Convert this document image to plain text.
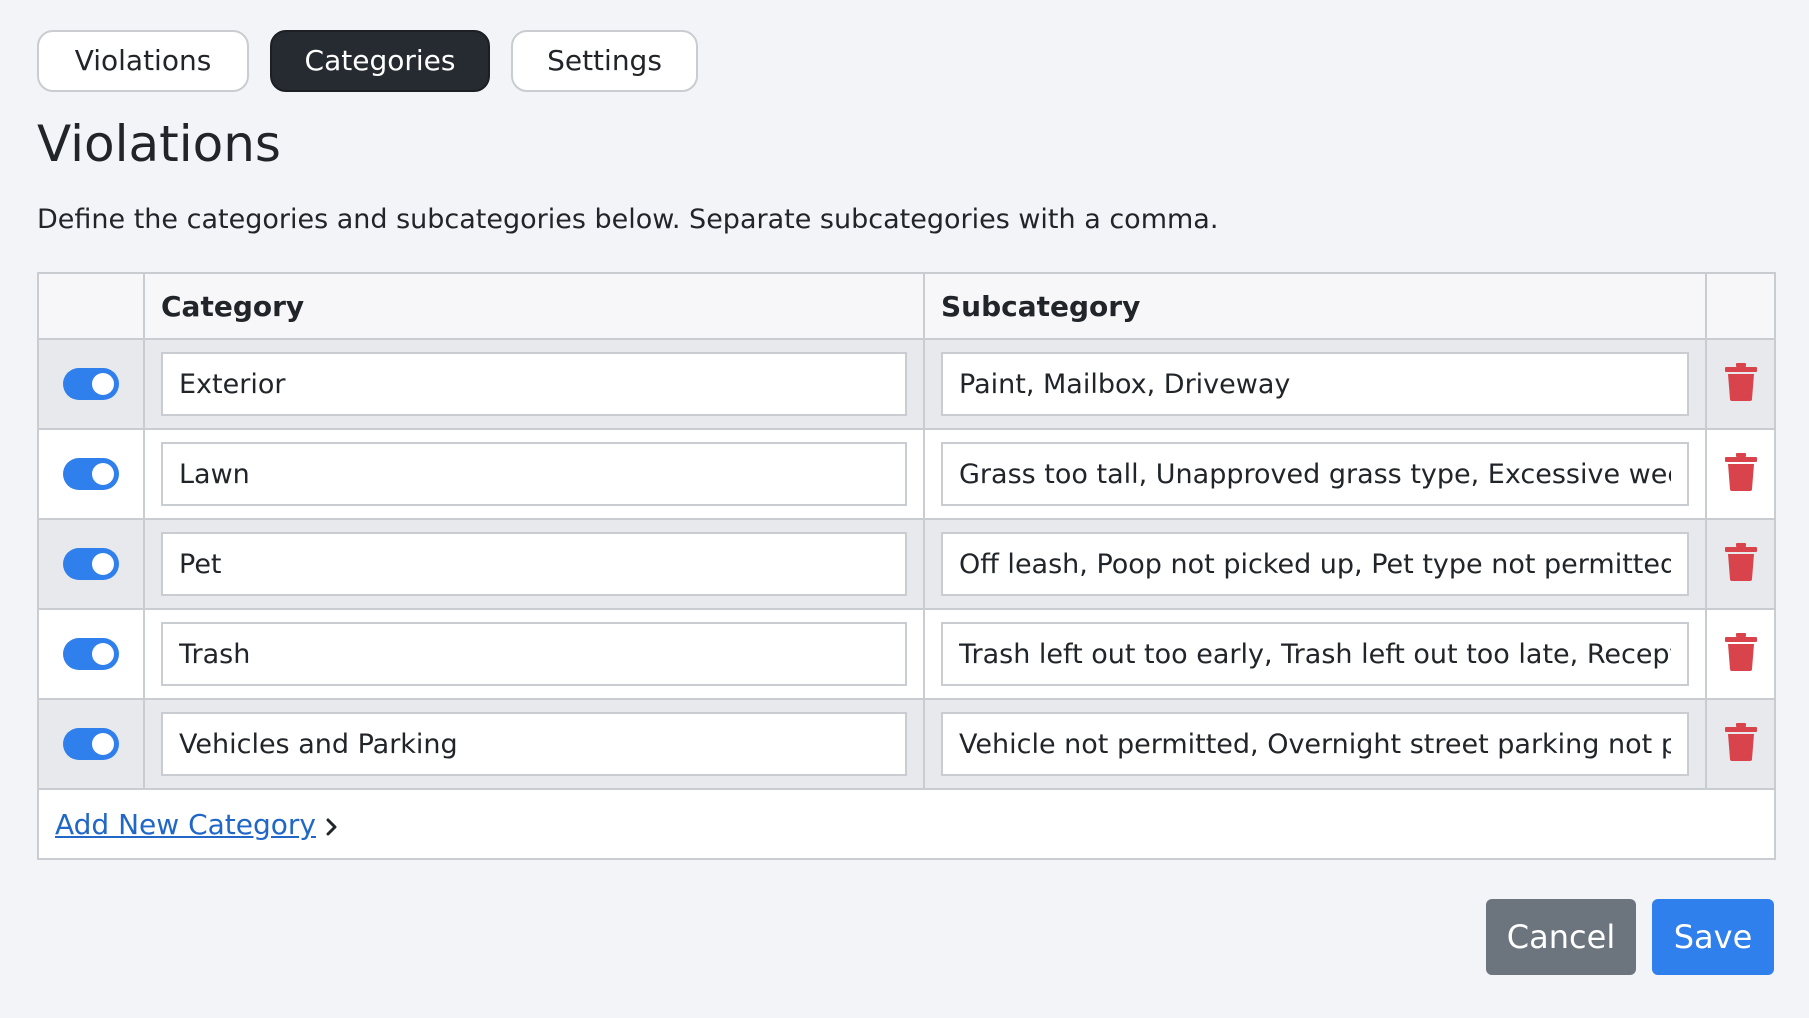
Violations	Categories	Settings
Violations

Define the categories and subcategories below. Separate subcategories with a comma.

	Category	Subcategory	

Exterior	
Paint, Mailbox, Driveway	

Lawn	
Grass too tall, Unapproved grass type, Excessive weeds	

Pet	
Off leash, Poop not picked up, Pet type not permitted	

Trash	
Trash left out too early, Trash left out too late, Receptacle	

Vehicles and Parking	
Vehicle not permitted, Overnight street parking not permitted	
Add New Category			
Cancel	Save
